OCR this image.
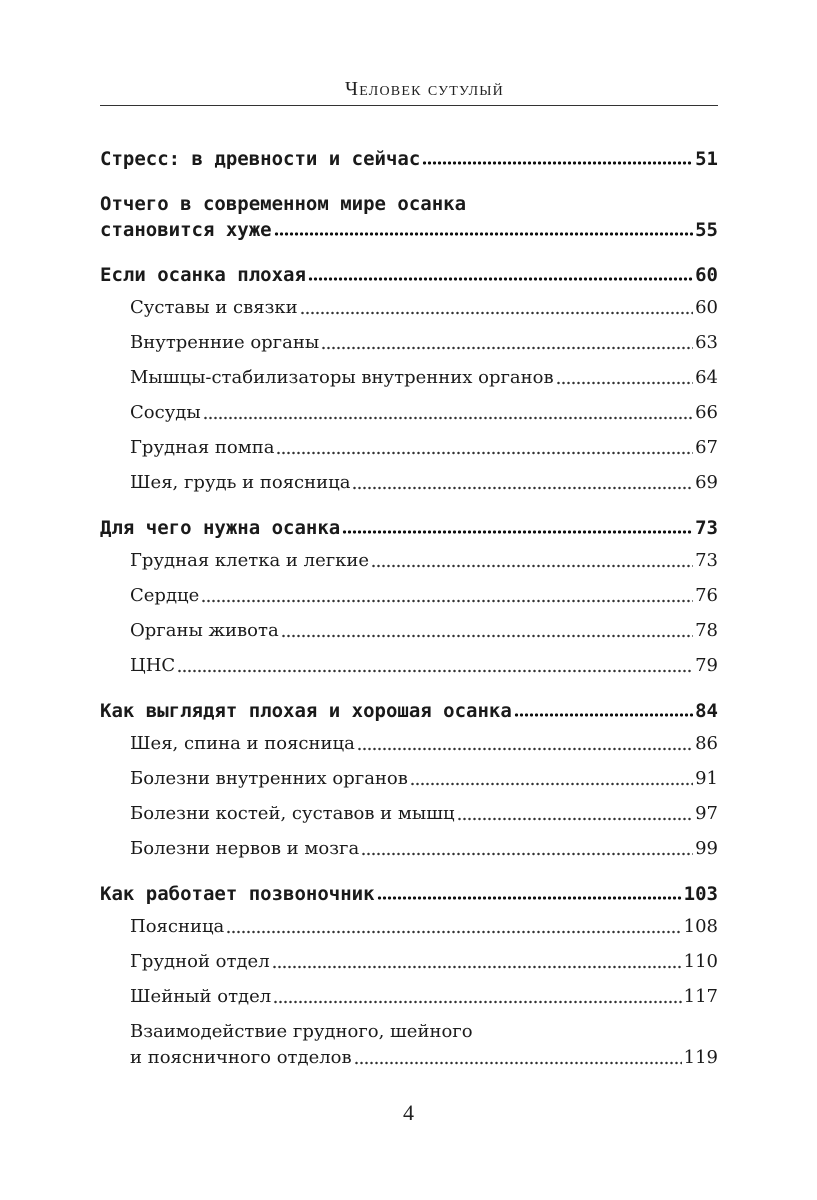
Человек сутулый
Стресс: в древности и сейчас	51
Отчего в современном мире осанка
становится хуже	55
Если осанка плохая	60
Суставы и связки	60
Внутренние органы	63
Мышцы-стабилизаторы внутренних органов	64
Сосуды	66
Грудная помпа	67
Шея, грудь и поясница	69
Для чего нужна осанка	73
Грудная клетка и легкие	73
Сердце	76
Органы живота	78
ЦНС	79
Как выглядят плохая и хорошая осанка	84
Шея, спина и поясница	86
Болезни внутренних органов	91
Болезни костей, суставов и мышц	97
Болезни нервов и мозга	99
Как работает позвоночник	103
Поясница	108
Грудной отдел	110
Шейный отдел	117
Взаимодействие грудного, шейного
и поясничного отделов	119
4
